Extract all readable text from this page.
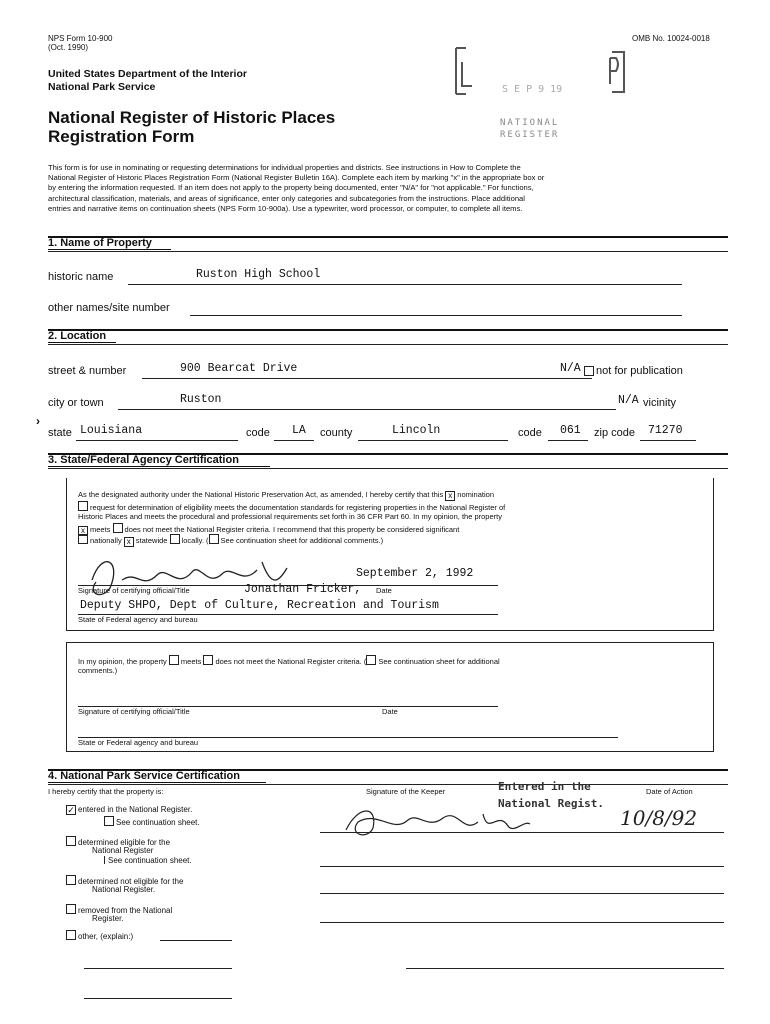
NPS Form 10-900
(Oct. 1990)
OMB No. 10024-0018
United States Department of the Interior
National Park Service
National Register of Historic Places
Registration Form
S E P 9 19
NATIONAL
REGISTER
This form is for use in nominating or requesting determinations for individual properties and districts. See instructions in How to Complete the
National Register of Historic Places Registration Form (National Register Bulletin 16A). Complete each item by marking "x" in the appropriate box or
by entering the information requested. If an item does not apply to the property being documented, enter "N/A" for "not applicable." For functions,
architectural classification, materials, and areas of significance, enter only categories and subcategories from the instructions. Place additional
entries and narrative items on continuation sheets (NPS Form 10-900a). Use a typewriter, word processor, or computer, to complete all items.
1. Name of Property
historic name	Ruston High School
other names/site number
2. Location
street & number	900 Bearcat Drive	N/A not for publication
city or town	Ruston	N/A vicinity
›
state Louisiana	code LA county	Lincoln	code 061 zip code 71270
3. State/Federal Agency Certification
As the designated authority under the National Historic Preservation Act, as amended, I hereby certify that this x nomination
request for determination of eligibility meets the documentation standards for registering properties in the National Register of
Historic Places and meets the procedural and professional requirements set forth in 36 CFR Part 60. In my opinion, the property
x meets does not meet the National Register criteria. I recommend that this property be considered significant
nationally x statewide locally. ( See continuation sheet for additional comments.)
September 2, 1992
Signature of certifying official/Title	Jonathan Fricker, Date
Deputy SHPO, Dept of Culture, Recreation and Tourism
State of Federal agency and bureau
In my opinion, the property meets does not meet the National Register criteria. ( See continuation sheet for additional
comments.)
Signature of certifying official/Title	Date
State or Federal agency and bureau
4. National Park Service Certification
I hereby certify that the property is:	Signature of the Keeper	Date of Action
Entered in the
National Regist.
10/8/92
✓ entered in the National Register.
See continuation sheet.
determined eligible for the
National Register
See continuation sheet.
determined not eligible for the
National Register.
removed from the National
Register.
other, (explain:)
